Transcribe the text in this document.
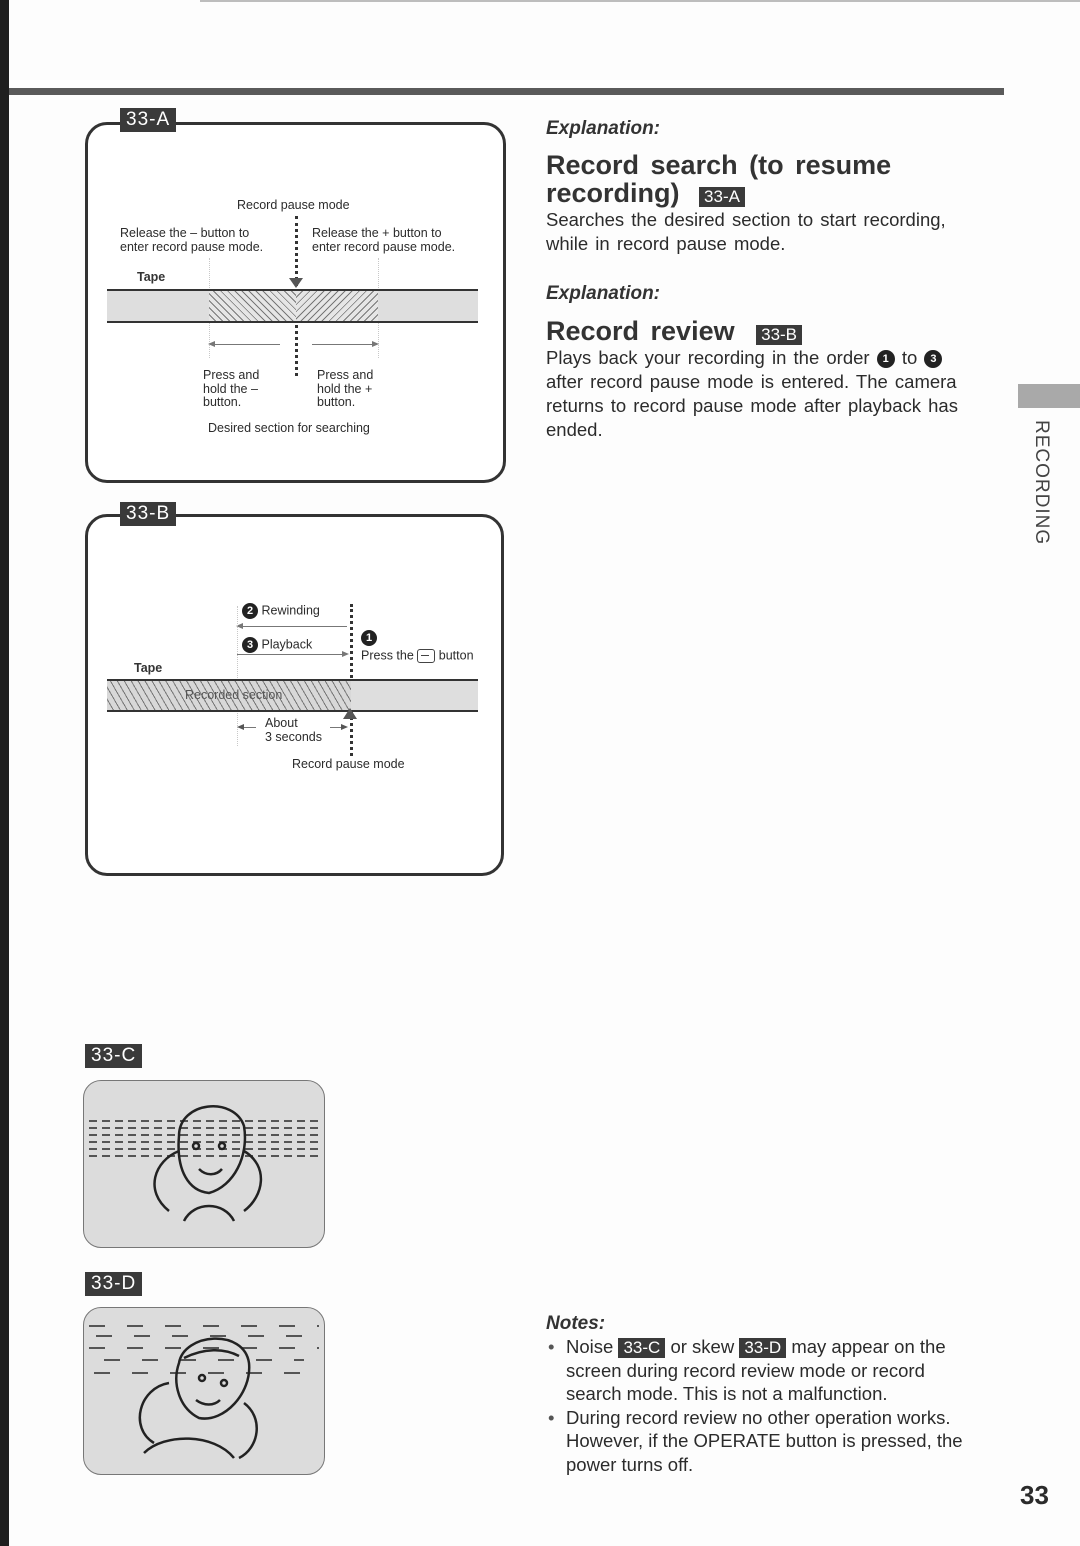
33-A
Record pause mode
Release the – button to
enter record pause mode.
Release the + button to
enter record pause mode.
Tape
Press and
hold the –
button.
Press and
hold the +
button.
Desired section for searching
33-B
2 Rewinding
3 Playback	1
Press the button
Tape
Recorded section
About
3 seconds
Record pause mode
Explanation:
Record search (to resume
recording) 33-A
Searches the desired section to start recording,
while in record pause mode.
Explanation:
Record review 33-B
Plays back your recording in the order 1 to 3
after record pause mode is entered. The camera
returns to record pause mode after playback has
ended.	RECORDING
33-C
33-D
Notes:
• Noise 33-C or skew 33-D may appear on the
screen during record review mode or record
search mode. This is not a malfunction.
• During record review no other operation works.
However, if the OPERATE button is pressed, the
power turns off.
33
